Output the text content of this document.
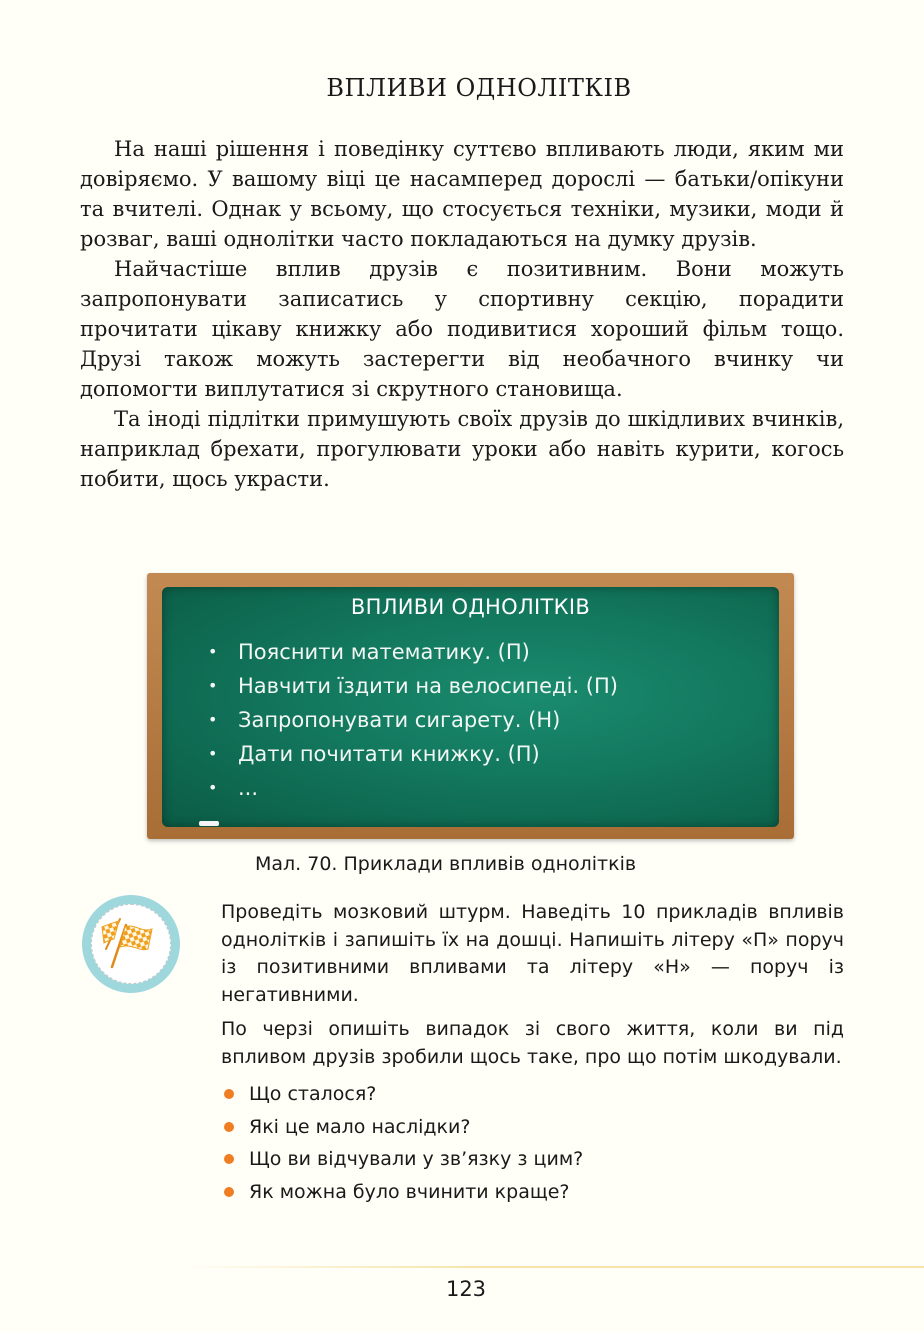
ВПЛИВИ ОДНОЛІТКІВ

На наші рішення і поведінку суттєво впливають люди, яким ми довіряємо. У вашому віці це насамперед дорослі — батьки/опікуни та вчителі. Однак у всьому, що стосується техніки, музики, моди й розваг, ваші однолітки часто покладаються на думку друзів.

Найчастіше вплив друзів є позитивним. Вони можуть запропонувати записатись у спортивну секцію, порадити прочитати цікаву книжку або подивитися хороший фільм тощо. Друзі також можуть застерегти від необачного вчинку чи допомогти виплутатися зі скрутного становища.

Та іноді підлітки примушують своїх друзів до шкідливих вчинків, наприклад брехати, прогулювати уроки або навіть курити, когось побити, щось украсти.

ВПЛИВИ ОДНОЛІТКІВ
• Пояснити математику. (П)
• Навчити їздити на велосипеді. (П)
• Запропонувати сигарету. (Н)
• Дати почитати книжку. (П)
• ...
Мал. 70. Приклади впливів однолітків

Проведіть мозковий штурм. Наведіть 10 прикладів впливів однолітків і запишіть їх на дошці. Напишіть літеру «П» поруч із позитивними впливами та літеру «Н» — поруч із негативними.

По черзі опишіть випадок зі свого життя, коли ви під впливом друзів зробили щось таке, про що потім шкодували.

Що сталося?
Які це мало наслідки?
Що ви відчували у зв’язку з цим?
Як можна було вчинити краще?
123
